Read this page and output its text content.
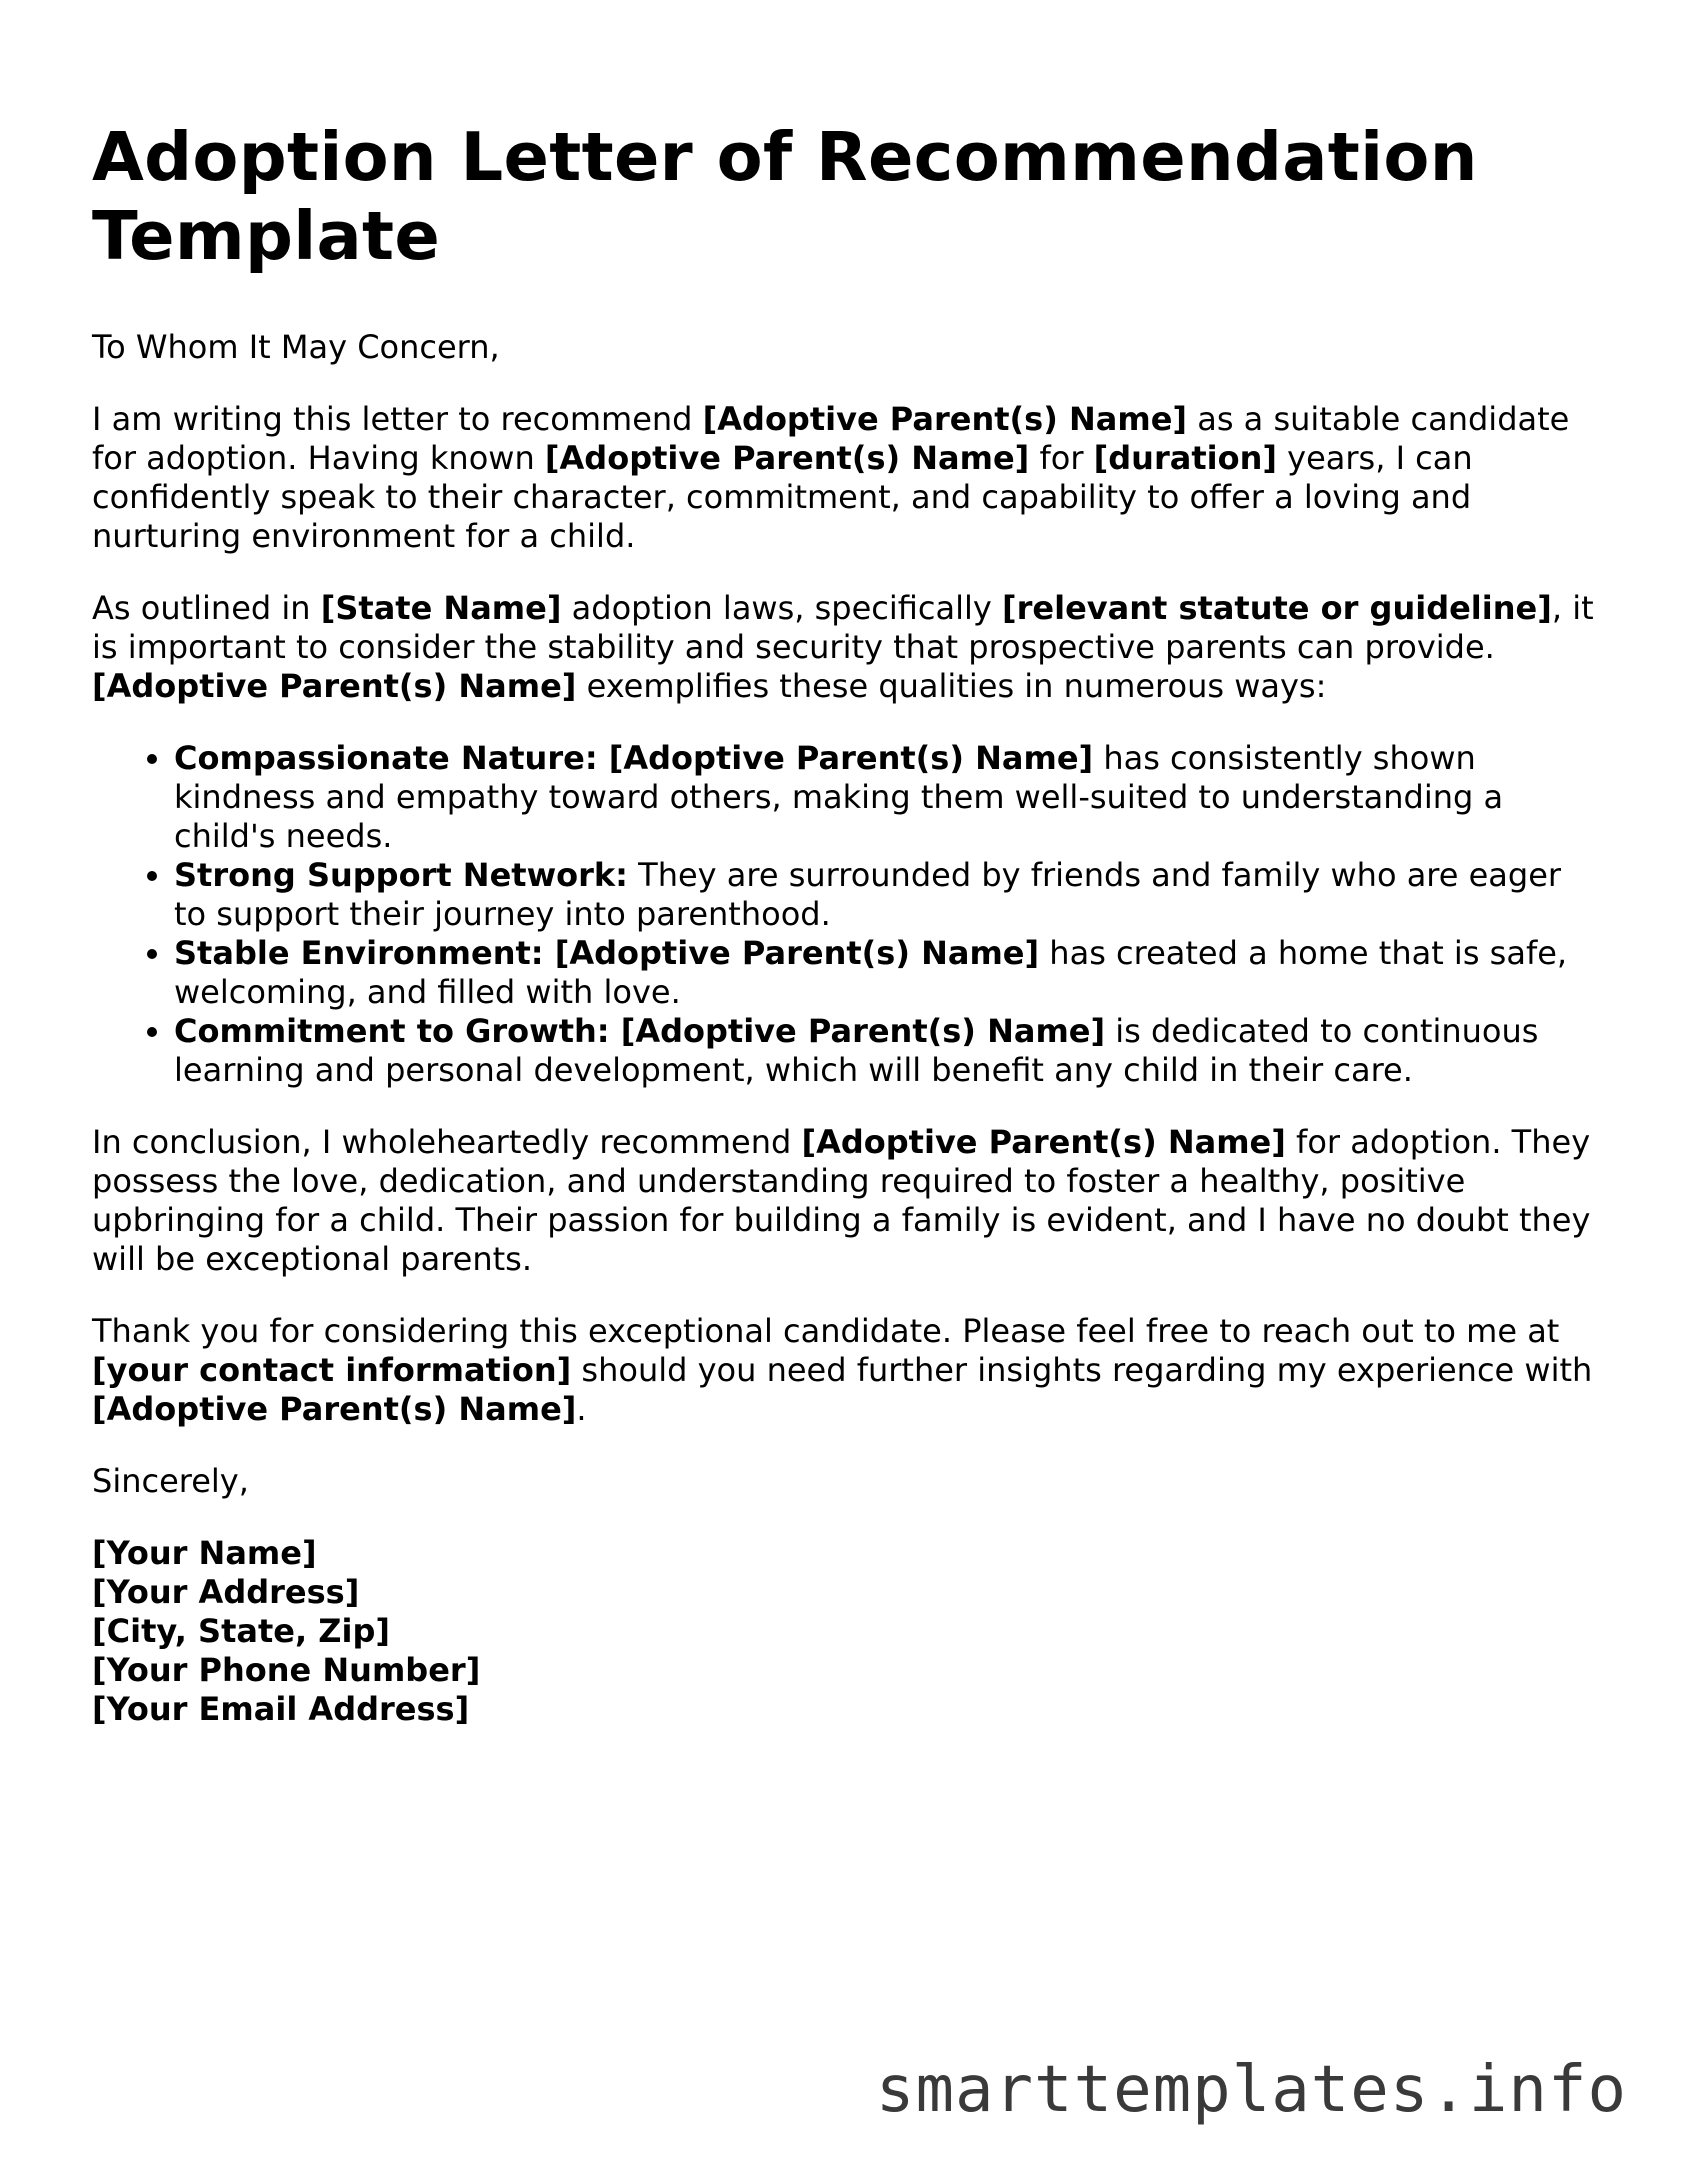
Adoption Letter of Recommendation Template

To Whom It May Concern,

I am writing this letter to recommend [Adoptive Parent(s) Name] as a suitable candidate for adoption. Having known [Adoptive Parent(s) Name] for [duration] years, I can confidently speak to their character, commitment, and capability to offer a loving and nurturing environment for a child.

As outlined in [State Name] adoption laws, specifically [relevant statute or guideline], it is important to consider the stability and security that prospective parents can provide. [Adoptive Parent(s) Name] exemplifies these qualities in numerous ways:

• Compassionate Nature: [Adoptive Parent(s) Name] has consistently shown kindness and empathy toward others, making them well-suited to understanding a child's needs.
• Strong Support Network: They are surrounded by friends and family who are eager to support their journey into parenthood.
• Stable Environment: [Adoptive Parent(s) Name] has created a home that is safe, welcoming, and filled with love.
• Commitment to Growth: [Adoptive Parent(s) Name] is dedicated to continuous learning and personal development, which will benefit any child in their care.

In conclusion, I wholeheartedly recommend [Adoptive Parent(s) Name] for adoption. They possess the love, dedication, and understanding required to foster a healthy, positive upbringing for a child. Their passion for building a family is evident, and I have no doubt they will be exceptional parents.

Thank you for considering this exceptional candidate. Please feel free to reach out to me at [your contact information] should you need further insights regarding my experience with [Adoptive Parent(s) Name].

Sincerely,

[Your Name]

[Your Address]

[City, State, Zip]

[Your Phone Number]

[Your Email Address]

smarttemplates.info
